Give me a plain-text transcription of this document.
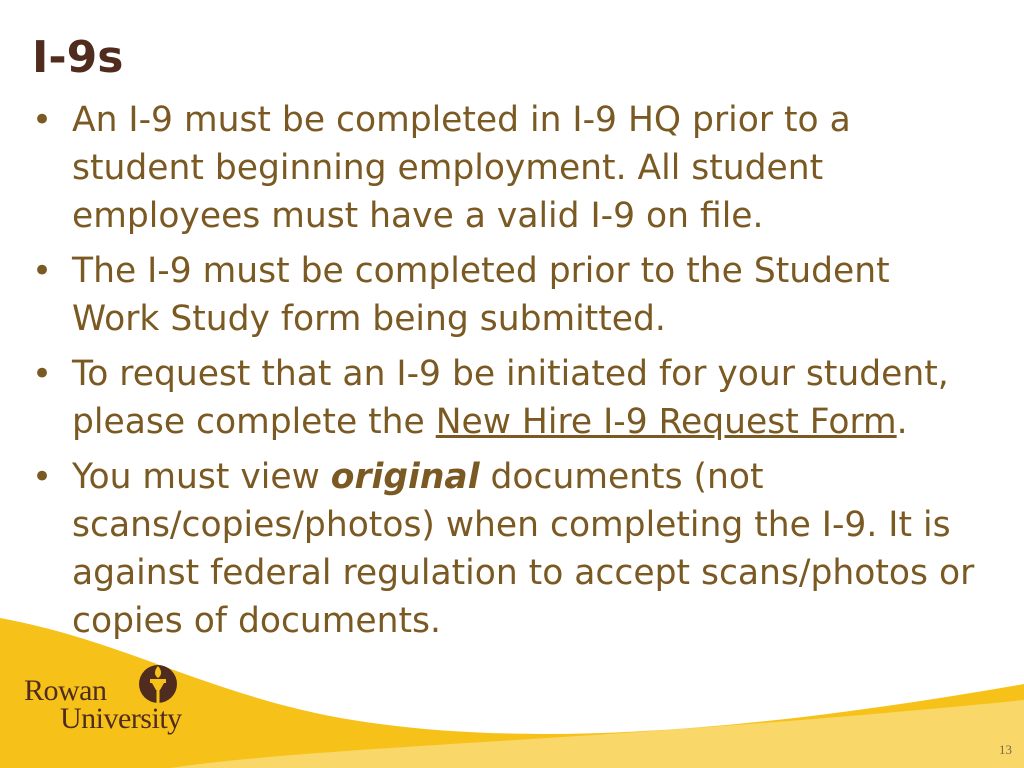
I-9s
• An I-9 must be completed in I-9 HQ prior to a
student beginning employment. All student
employees must have a valid I-9 on file.
• The I-9 must be completed prior to the Student
Work Study form being submitted.
• To request that an I-9 be initiated for your student,
please complete the New Hire I-9 Request Form.
• You must view original documents (not
scans/copies/photos) when completing the I-9. It is
against federal regulation to accept scans/photos or
copies of documents.
Rowan
University
13
